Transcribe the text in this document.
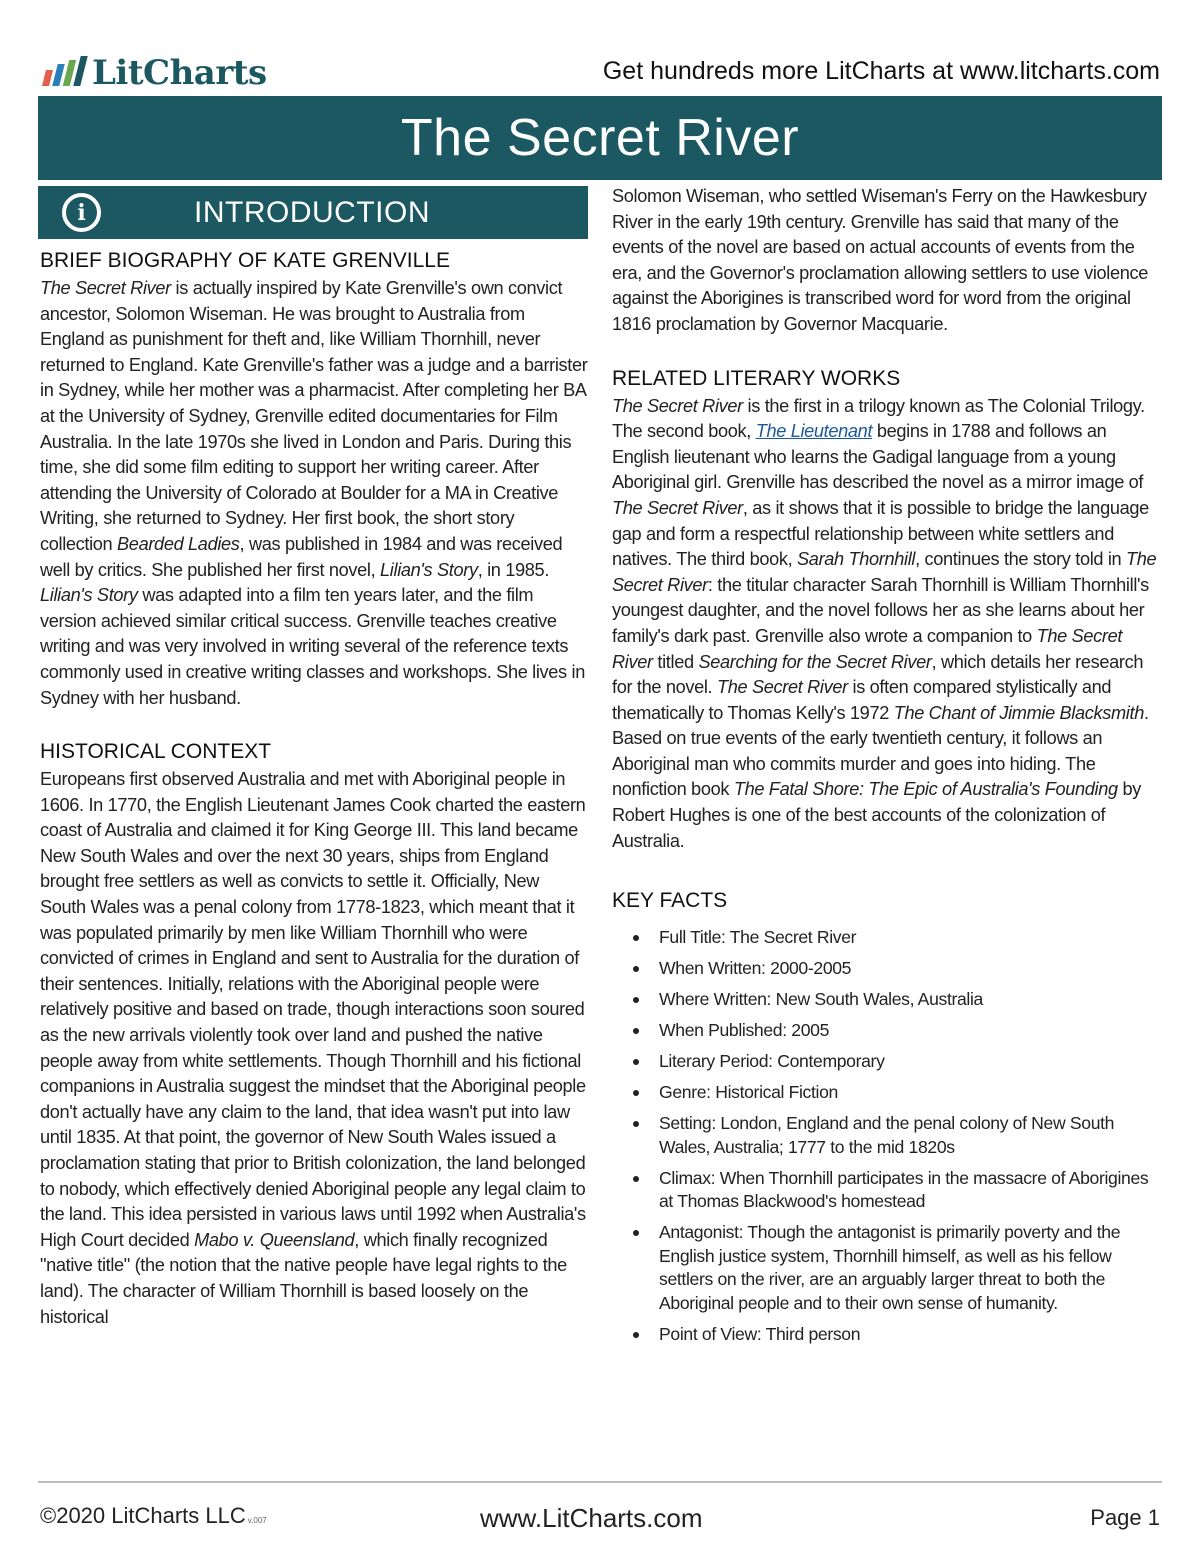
LitCharts	Get hundreds more LitCharts at www.litcharts.com
The Secret River
i	INTRODUCTION
BRIEF BIOGRAPHY OF KATE GRENVILLE

The Secret River is actually inspired by Kate Grenville's own convict ancestor, Solomon Wiseman. He was brought to Australia from England as punishment for theft and, like William Thornhill, never returned to England. Kate Grenville's father was a judge and a barrister in Sydney, while her mother was a pharmacist. After completing her BA at the University of Sydney, Grenville edited documentaries for Film Australia. In the late 1970s she lived in London and Paris. During this time, she did some film editing to support her writing career. After attending the University of Colorado at Boulder for a MA in Creative Writing, she returned to Sydney. Her first book, the short story collection Bearded Ladies, was published in 1984 and was received well by critics. She published her first novel, Lilian's Story, in 1985. Lilian's Story was adapted into a film ten years later, and the film version achieved similar critical success. Grenville teaches creative writing and was very involved in writing several of the reference texts commonly used in creative writing classes and workshops. She lives in Sydney with her husband.

HISTORICAL CONTEXT

Europeans first observed Australia and met with Aboriginal people in 1606. In 1770, the English Lieutenant James Cook charted the eastern coast of Australia and claimed it for King George III. This land became New South Wales and over the next 30 years, ships from England brought free settlers as well as convicts to settle it. Officially, New South Wales was a penal colony from 1778-1823, which meant that it was populated primarily by men like William Thornhill who were convicted of crimes in England and sent to Australia for the duration of their sentences. Initially, relations with the Aboriginal people were relatively positive and based on trade, though interactions soon soured as the new arrivals violently took over land and pushed the native people away from white settlements. Though Thornhill and his fictional companions in Australia suggest the mindset that the Aboriginal people don't actually have any claim to the land, that idea wasn't put into law until 1835. At that point, the governor of New South Wales issued a proclamation stating that prior to British colonization, the land belonged to nobody, which effectively denied Aboriginal people any legal claim to the land. This idea persisted in various laws until 1992 when Australia's High Court decided Mabo v. Queensland, which finally recognized "native title" (the notion that the native people have legal rights to the land). The character of William Thornhill is based loosely on the historical

Solomon Wiseman, who settled Wiseman's Ferry on the Hawkesbury River in the early 19th century. Grenville has said that many of the events of the novel are based on actual accounts of events from the era, and the Governor's proclamation allowing settlers to use violence against the Aborigines is transcribed word for word from the original 1816 proclamation by Governor Macquarie.

RELATED LITERARY WORKS

The Secret River is the first in a trilogy known as The Colonial Trilogy. The second book, The Lieutenant begins in 1788 and follows an English lieutenant who learns the Gadigal language from a young Aboriginal girl. Grenville has described the novel as a mirror image of The Secret River, as it shows that it is possible to bridge the language gap and form a respectful relationship between white settlers and natives. The third book, Sarah Thornhill, continues the story told in The Secret River: the titular character Sarah Thornhill is William Thornhill's youngest daughter, and the novel follows her as she learns about her family's dark past. Grenville also wrote a companion to The Secret River titled Searching for the Secret River, which details her research for the novel. The Secret River is often compared stylistically and thematically to Thomas Kelly's 1972 The Chant of Jimmie Blacksmith. Based on true events of the early twentieth century, it follows an Aboriginal man who commits murder and goes into hiding. The nonfiction book The Fatal Shore: The Epic of Australia's Founding by Robert Hughes is one of the best accounts of the colonization of Australia.

KEY FACTS
Full Title: The Secret River
When Written: 2000-2005
Where Written: New South Wales, Australia
When Published: 2005
Literary Period: Contemporary
Genre: Historical Fiction
Setting: London, England and the penal colony of New South Wales, Australia; 1777 to the mid 1820s
Climax: When Thornhill participates in the massacre of Aborigines at Thomas Blackwood's homestead
Antagonist: Though the antagonist is primarily poverty and the English justice system, Thornhill himself, as well as his fellow settlers on the river, are an arguably larger threat to both the Aboriginal people and to their own sense of humanity.
Point of View: Third person
©2020 LitCharts LLC v.007	www.LitCharts.com	Page 1
